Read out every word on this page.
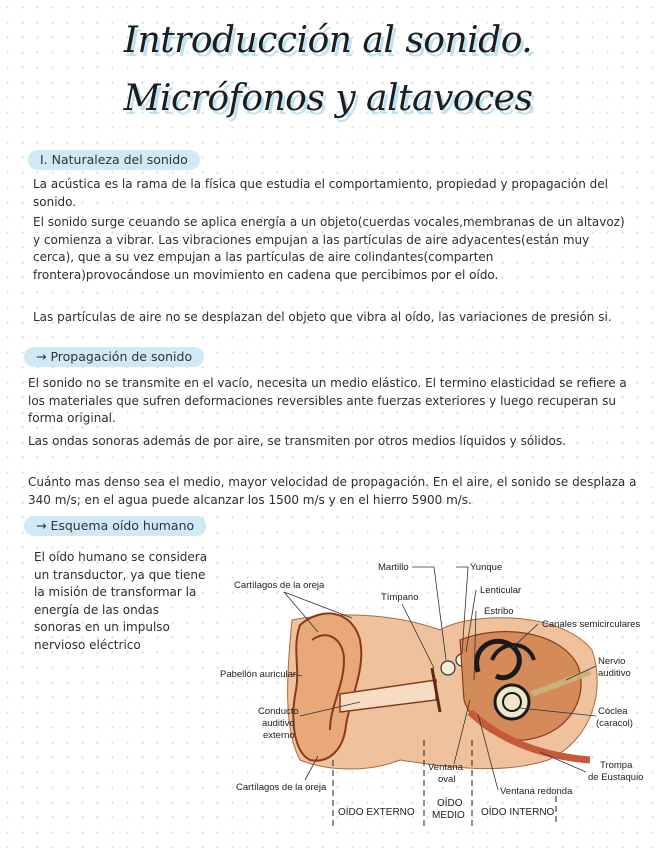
Introducción al sonido.
Micrófonos y altavoces
I. Naturaleza del sonido
La acústica es la rama de la física que estudia el comportamiento, propiedad y propagación del sonido.
El sonido surge ceuando se aplica energía a un objeto(cuerdas vocales,membranas de un altavoz) y comienza a vibrar. Las vibraciones empujan a las partículas de aire adyacentes(están muy cerca), que a su vez empujan a las partículas de aire colindantes(comparten frontera)provocándose un movimiento en cadena que percibimos por el oído.
Las partículas de aire no se desplazan del objeto que vibra al oído, las variaciones de presión si.
→ Propagación de sonido
El sonido no se transmite en el vacío, necesita un medio elástico. El termino elasticidad se refiere a los materiales que sufren deformaciones reversibles ante fuerzas exteriores y luego recuperan su forma original.
Las ondas sonoras además de por aire, se transmiten por otros medios líquidos y sólidos.
Cuánto mas denso sea el medio, mayor velocidad de propagación. En el aire, el sonido se desplaza a 340 m/s; en el agua puede alcanzar los 1500 m/s y en el hierro 5900 m/s.
→ Esquema oído humano
El oído humano se considera un transductor, ya que tiene la misión de transformar la energía de las ondas sonoras en un impulso nervioso eléctrico
Martillo	Yunque
Cartílagos de la oreja
Tímpano
Lenticular
Estribo
Canales semicirculares
Nervio
auditivo
Pabellón auricular
Conducto
auditivo
externo
Cóclea
(caracol)
Trompa
de Eustaquio
Ventana
oval
Ventana redonda
Cartílagos de la oreja
OÍDO EXTERNO
OÍDO
MEDIO OÍDO INTERNO
